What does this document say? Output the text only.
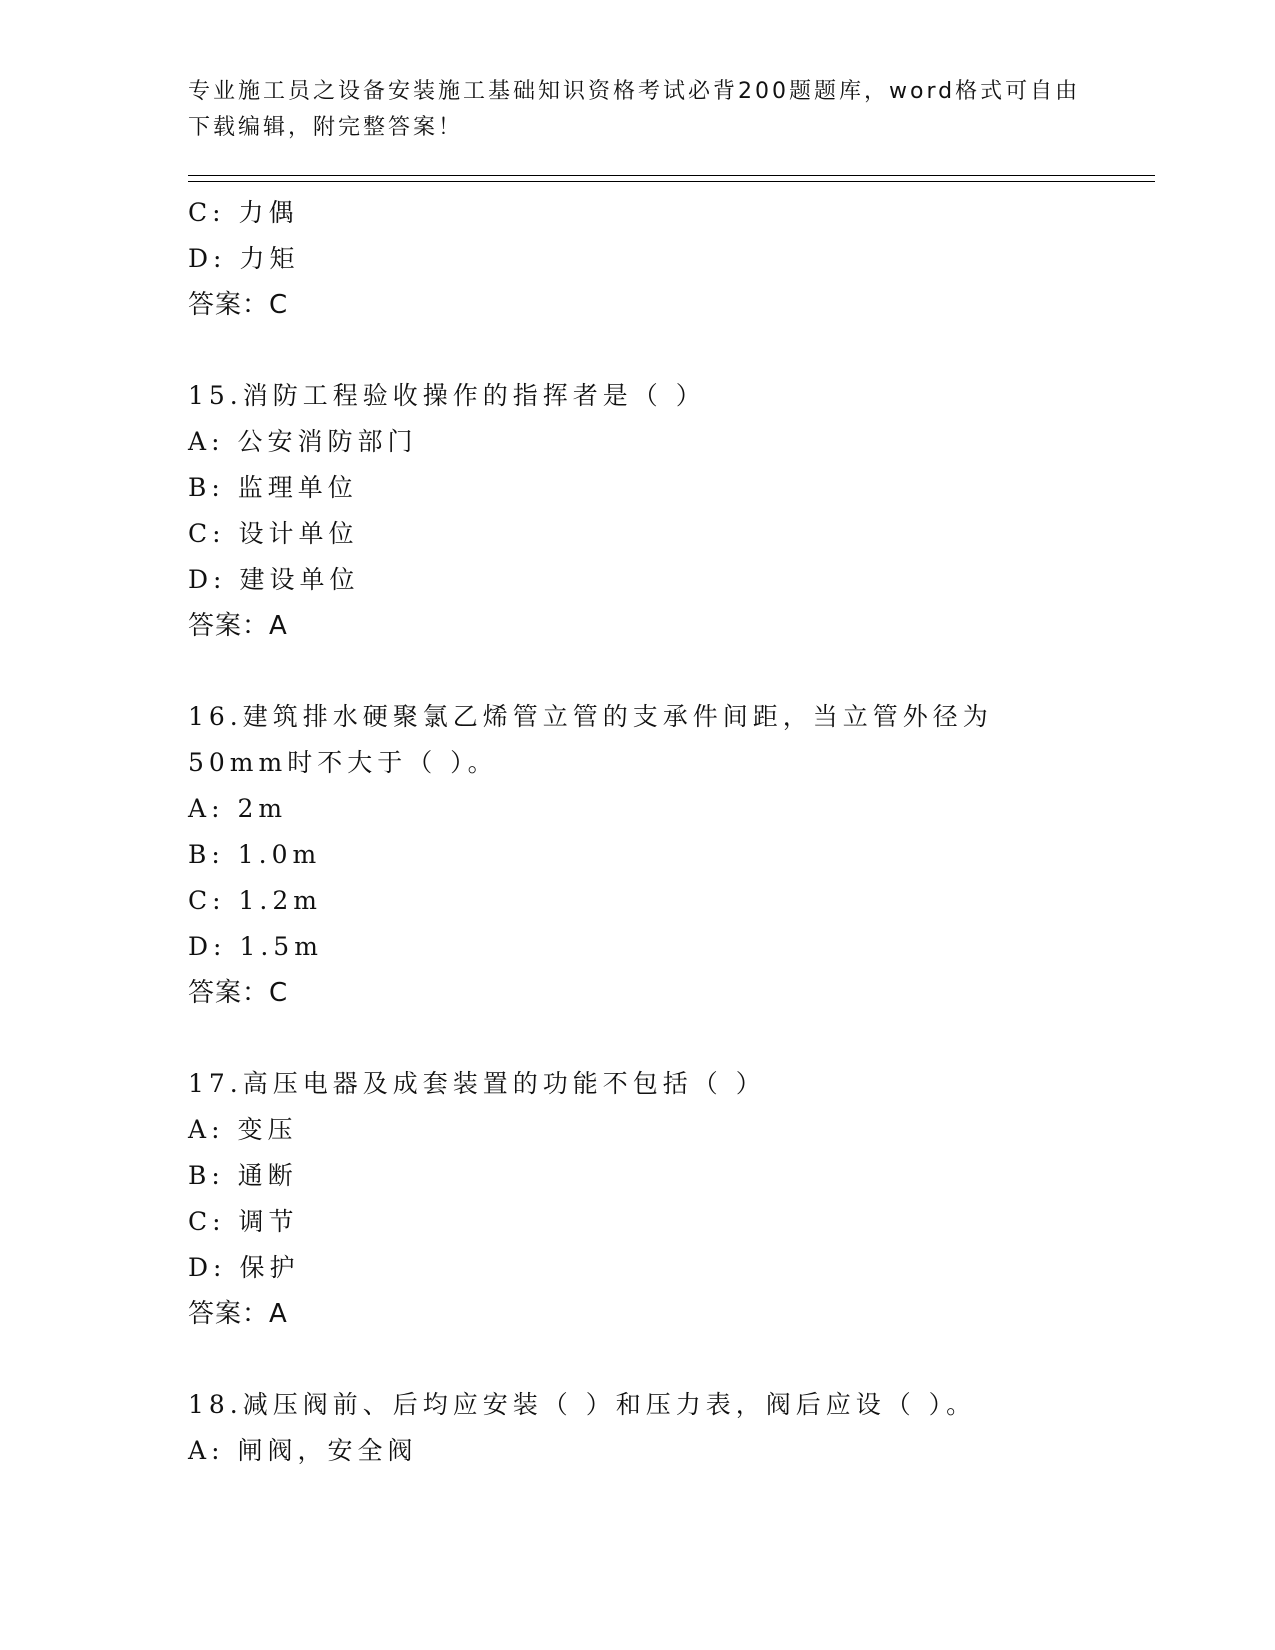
专业施工员之设备安装施工基础知识资格考试必背200题题库，word格式可自由下载编辑，附完整答案！
C: 力偶
D: 力矩
答案：C
15.消防工程验收操作的指挥者是（ ）
A: 公安消防部门
B: 监理单位
C: 设计单位
D: 建设单位
答案：A
16.建筑排水硬聚氯乙烯管立管的支承件间距，当立管外径为50mm时不大于（ ）。
A: 2m
B: 1.0m
C: 1.2m
D: 1.5m
答案：C
17.高压电器及成套装置的功能不包括（ ）
A: 变压
B: 通断
C: 调节
D: 保护
答案：A
18.减压阀前、后均应安装（ ）和压力表，阀后应设（ ）。
A: 闸阀，安全阀
